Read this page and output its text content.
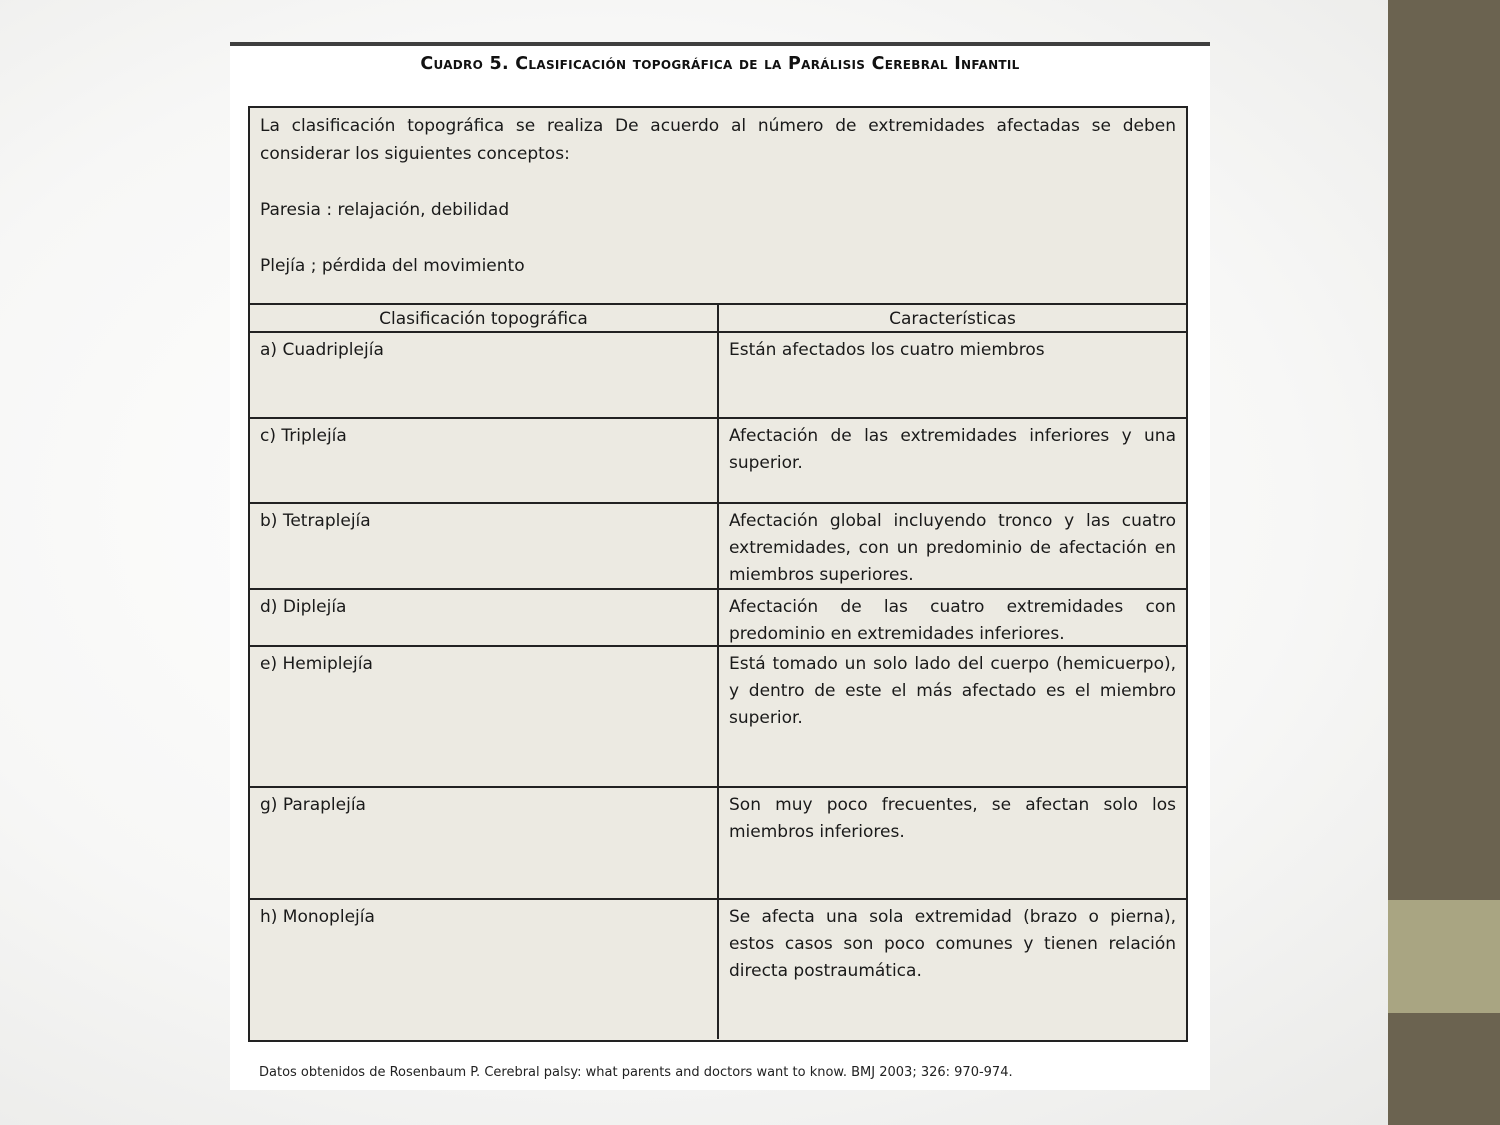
Cuadro 5. Clasificación topográfica de la Parálisis Cerebral Infantil
La clasificación topográfica se realiza De acuerdo al número de extremidades afectadas se deben considerar los siguientes conceptos:
Paresia : relajación, debilidad
Plejía ; pérdida del movimiento
Clasificación topográfica	Características
a) Cuadriplejía	Están afectados los cuatro miembros
c) Triplejía	Afectación de las extremidades inferiores y una superior.
b) Tetraplejía	Afectación global incluyendo tronco y las cuatro extremidades, con un predominio de afectación en miembros superiores.
d) Diplejía	Afectación de las cuatro extremidades con predominio en extremidades inferiores.
e) Hemiplejía	Está tomado un solo lado del cuerpo (hemicuerpo), y dentro de este el más afectado es el miembro superior.
g) Paraplejía	Son muy poco frecuentes, se afectan solo los miembros inferiores.
h) Monoplejía	Se afecta una sola extremidad (brazo o pierna), estos casos son poco comunes y tienen relación directa postraumática.
Datos obtenidos de Rosenbaum P. Cerebral palsy: what parents and doctors want to know. BMJ 2003; 326: 970-974.
